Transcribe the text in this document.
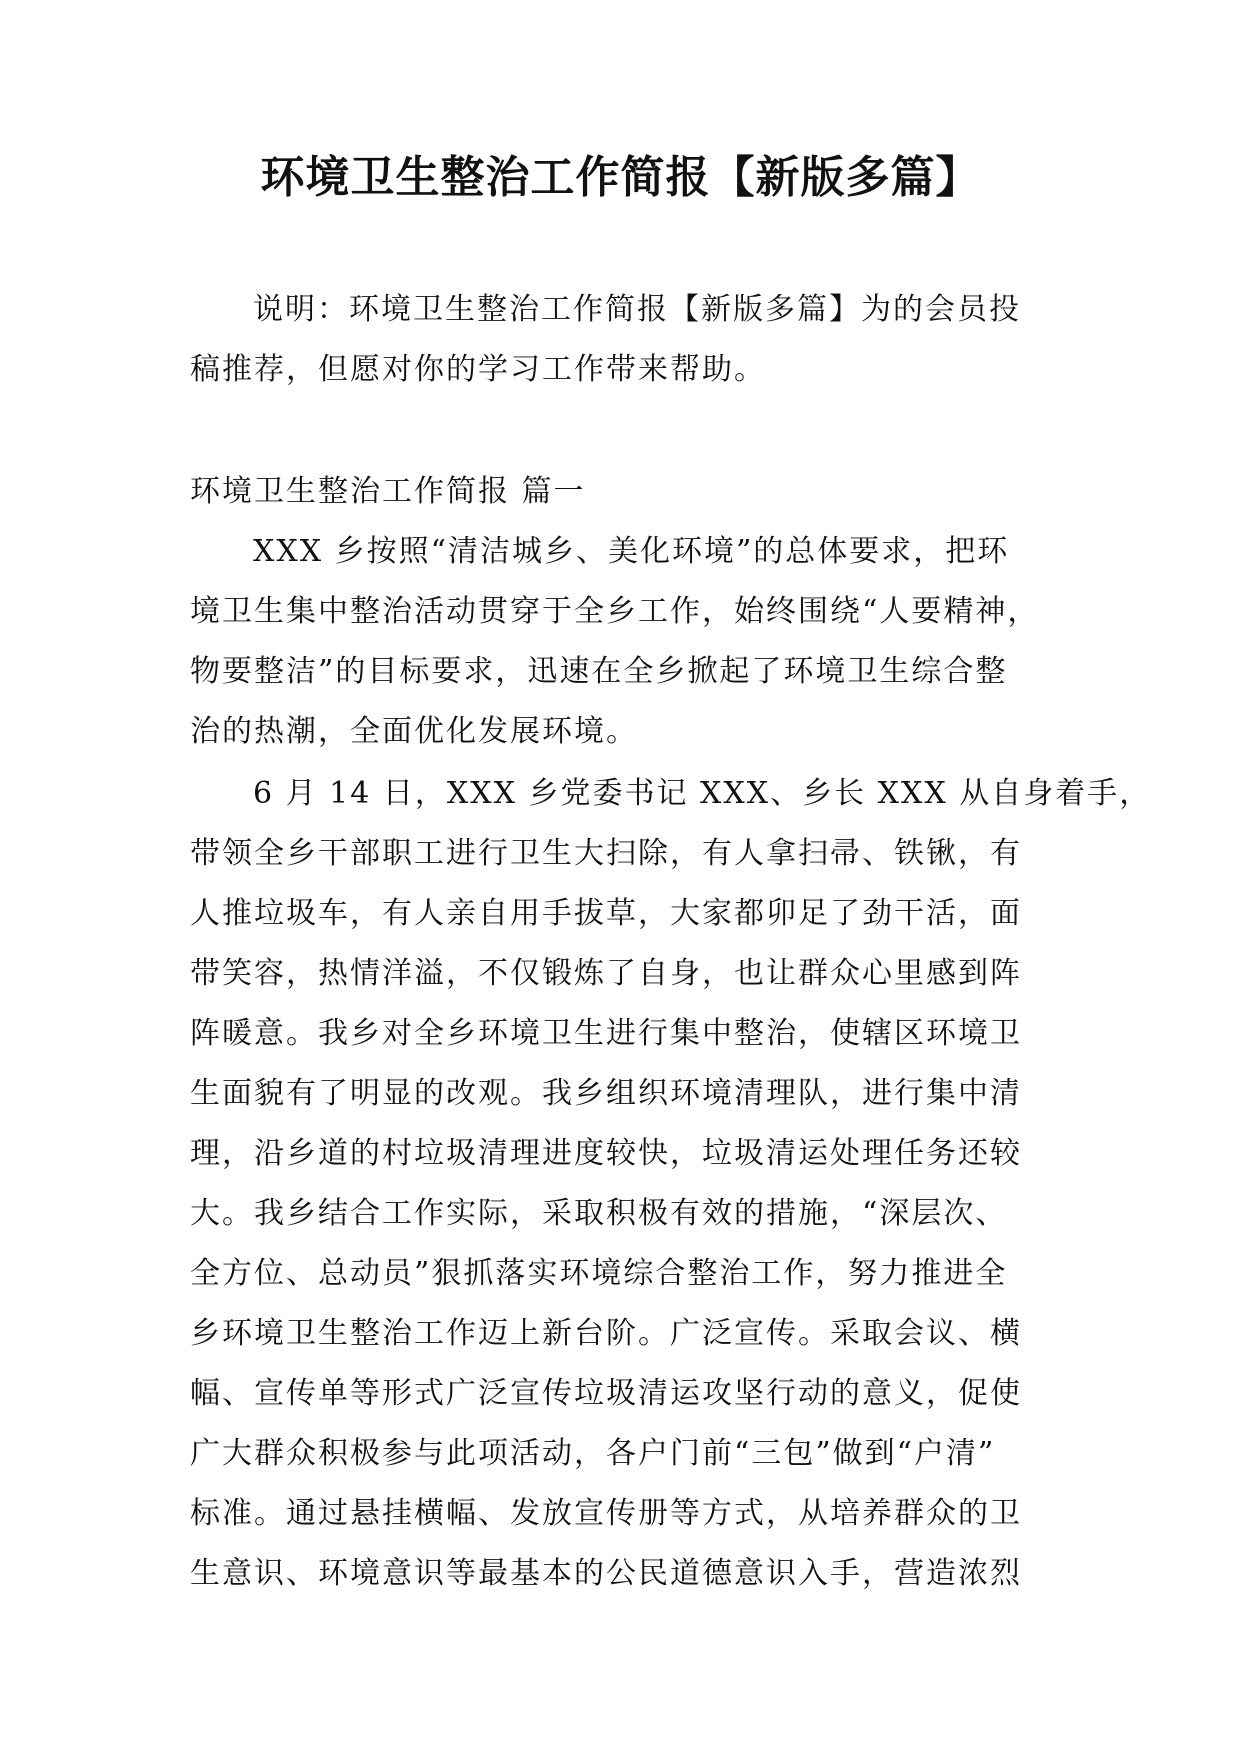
环境卫生整治工作简报【新版多篇】
说明：环境卫生整治工作简报【新版多篇】为的会员投
稿推荐，但愿对你的学习工作带来帮助。
环境卫生整治工作简报 篇一
XXX 乡按照“清洁城乡、美化环境”的总体要求，把环
境卫生集中整治活动贯穿于全乡工作，始终围绕“人要精神，
物要整洁”的目标要求，迅速在全乡掀起了环境卫生综合整
治的热潮，全面优化发展环境。
6 月 14 日，XXX 乡党委书记 XXX、乡长 XXX 从自身着手，
带领全乡干部职工进行卫生大扫除，有人拿扫帚、铁锹，有
人推垃圾车，有人亲自用手拔草，大家都卯足了劲干活，面
带笑容，热情洋溢，不仅锻炼了自身，也让群众心里感到阵
阵暖意。我乡对全乡环境卫生进行集中整治，使辖区环境卫
生面貌有了明显的改观。我乡组织环境清理队，进行集中清
理，沿乡道的村垃圾清理进度较快，垃圾清运处理任务还较
大。我乡结合工作实际，采取积极有效的措施，“深层次、
全方位、总动员”狠抓落实环境综合整治工作，努力推进全
乡环境卫生整治工作迈上新台阶。广泛宣传。采取会议、横
幅、宣传单等形式广泛宣传垃圾清运攻坚行动的意义，促使
广大群众积极参与此项活动，各户门前“三包”做到“户清”
标准。通过悬挂横幅、发放宣传册等方式，从培养群众的卫
生意识、环境意识等最基本的公民道德意识入手，营造浓烈
